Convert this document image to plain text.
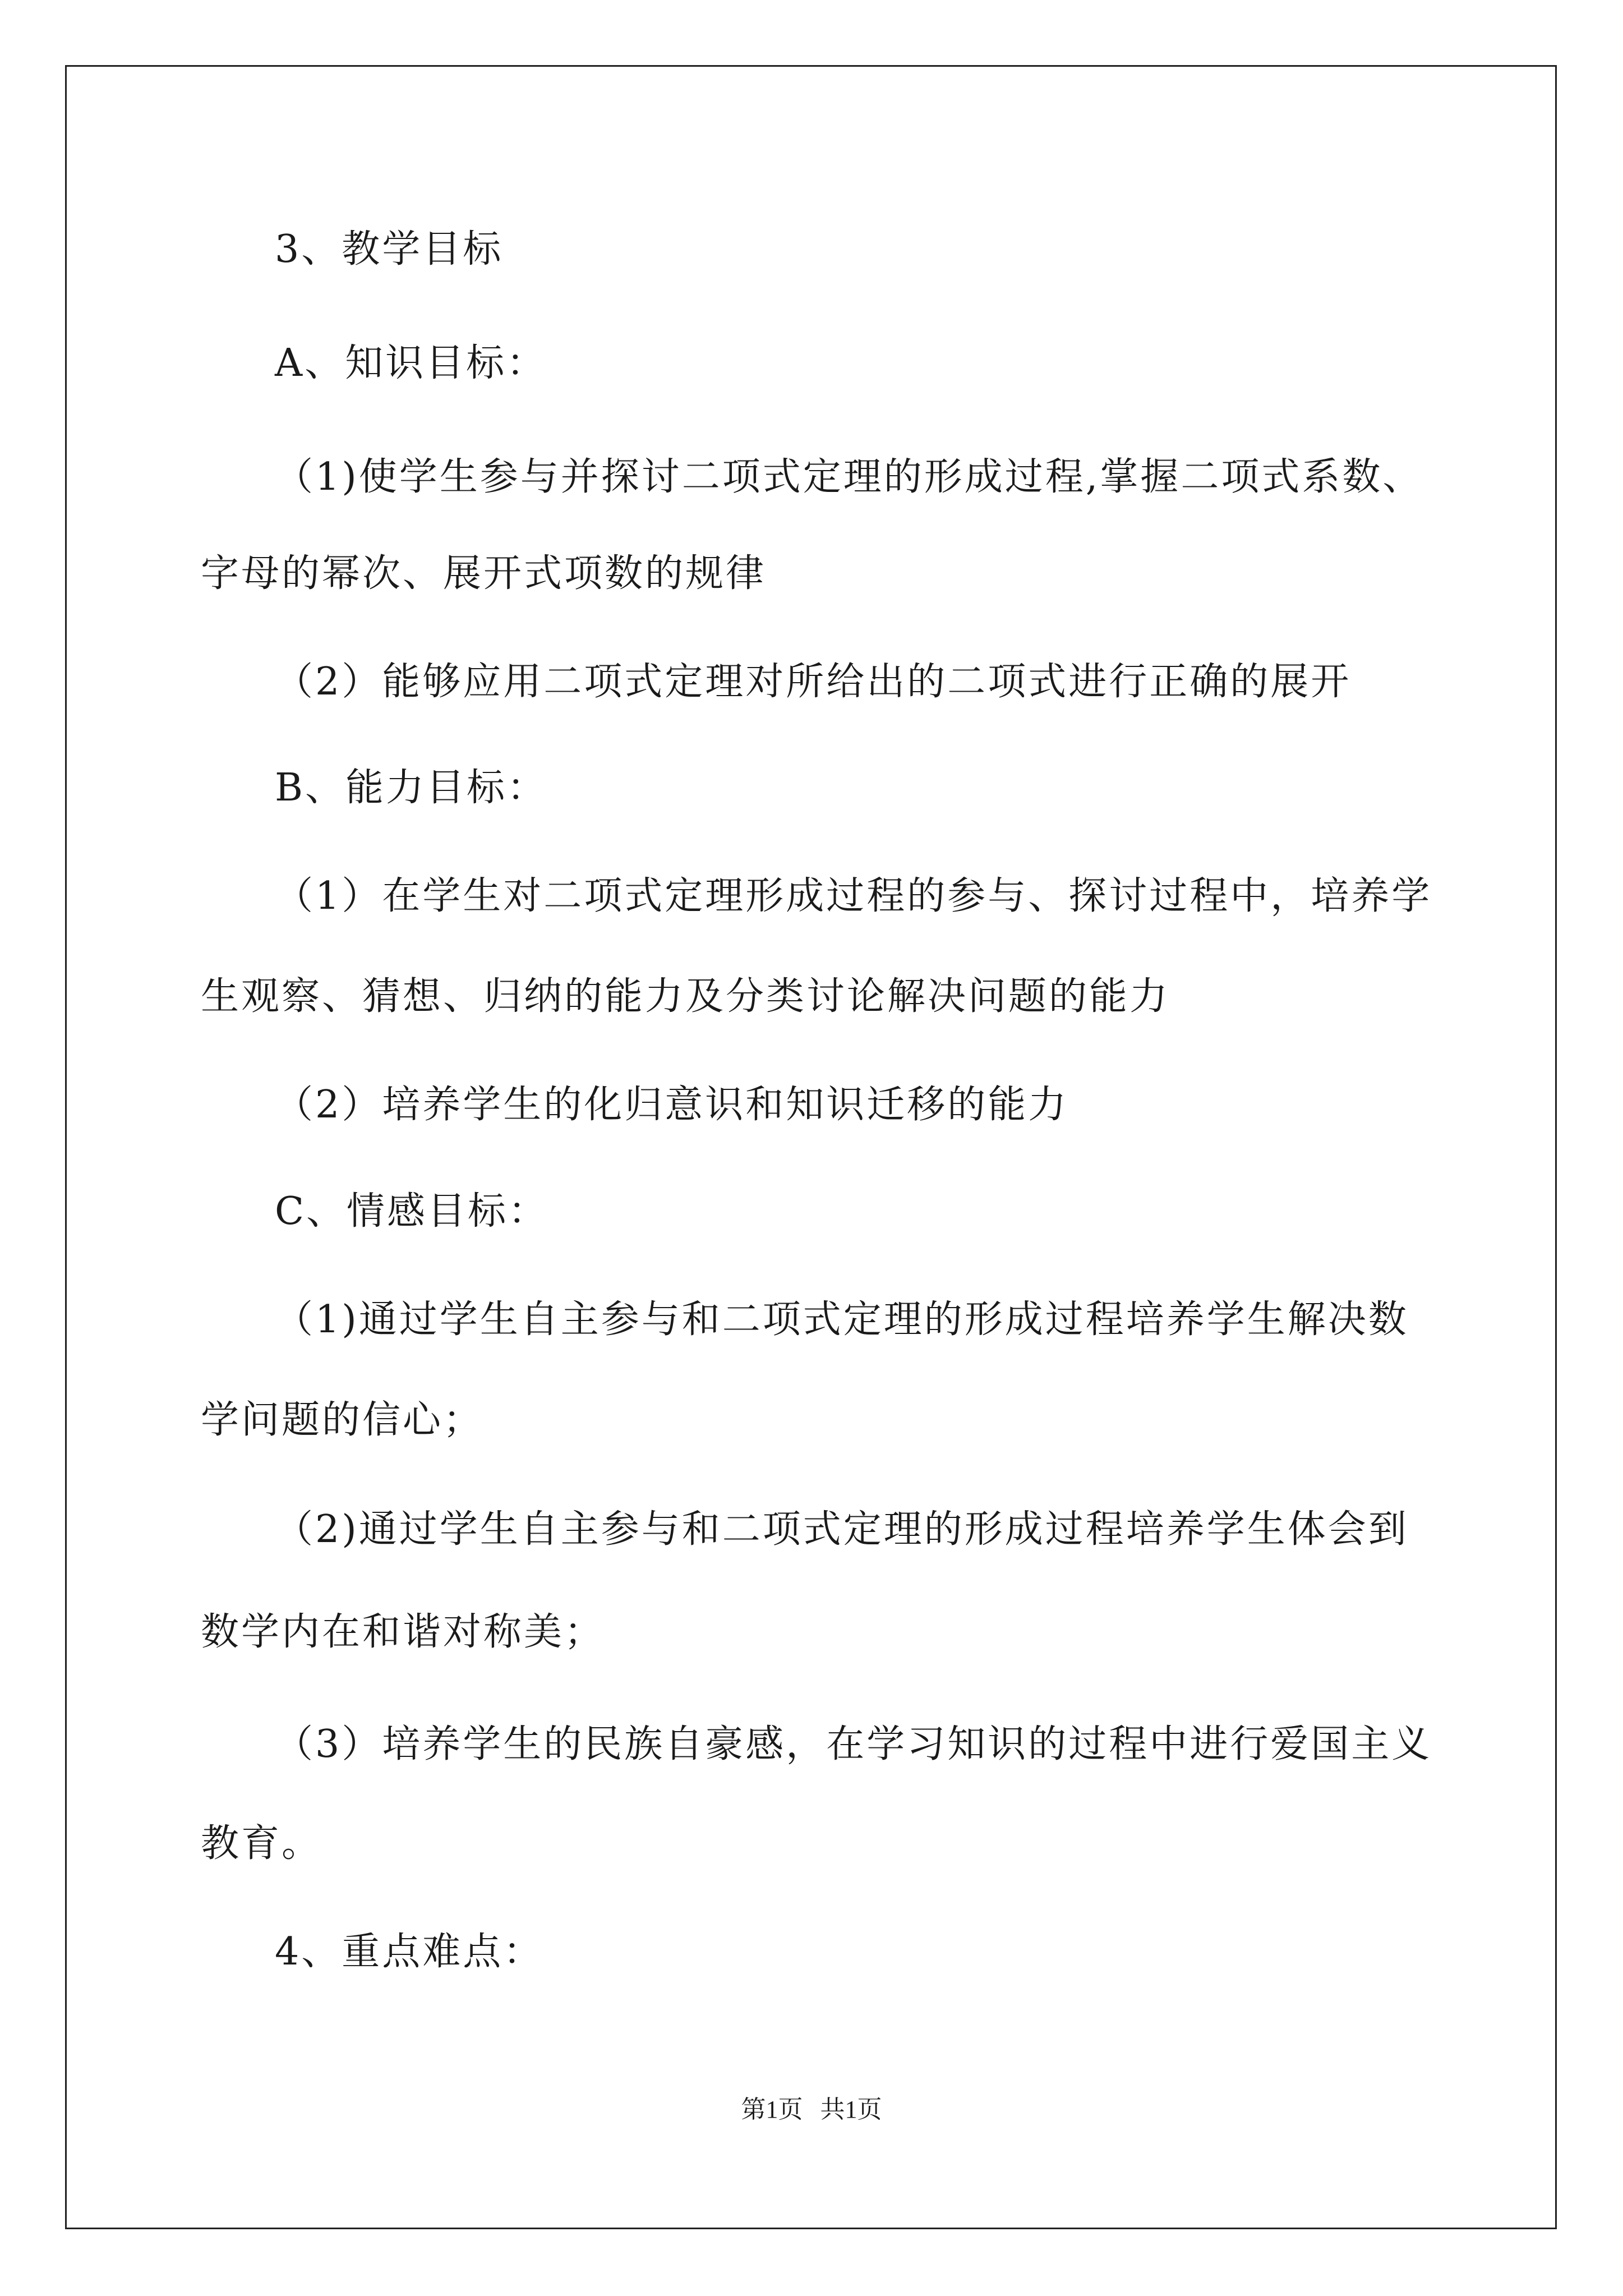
3、教学目标
A、知识目标：
（1)使学生参与并探讨二项式定理的形成过程,掌握二项式系数、
字母的幂次、展开式项数的规律
（2）能够应用二项式定理对所给出的二项式进行正确的展开
B、能力目标：
（1）在学生对二项式定理形成过程的参与、探讨过程中，培养学
生观察、猜想、归纳的能力及分类讨论解决问题的能力
（2）培养学生的化归意识和知识迁移的能力
C、情感目标：
（1)通过学生自主参与和二项式定理的形成过程培养学生解决数
学问题的信心；
（2)通过学生自主参与和二项式定理的形成过程培养学生体会到
数学内在和谐对称美；
（3）培养学生的民族自豪感，在学习知识的过程中进行爱国主义
教育。
4、重点难点：
第1页 共1页
